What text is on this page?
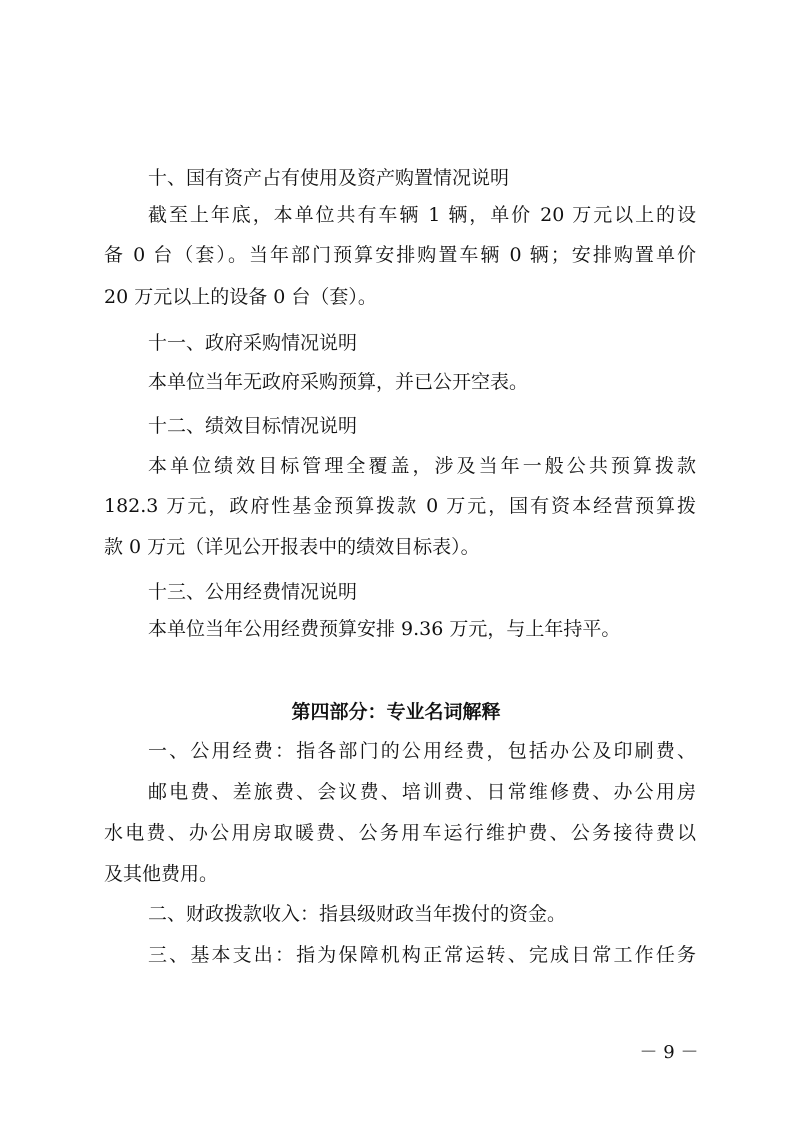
十、国有资产占有使用及资产购置情况说明

截至上年底，本单位共有车辆 1 辆，单价 20 万元以上的设

备 0 台（套）。当年部门预算安排购置车辆 0 辆；安排购置单价

20 万元以上的设备 0 台（套）。

十一、政府采购情况说明

本单位当年无政府采购预算，并已公开空表。

十二、绩效目标情况说明

本单位绩效目标管理全覆盖，涉及当年一般公共预算拨款

182.3 万元，政府性基金预算拨款 0 万元，国有资本经营预算拨

款 0 万元（详见公开报表中的绩效目标表）。

十三、公用经费情况说明

本单位当年公用经费预算安排 9.36 万元，与上年持平。

第四部分：专业名词解释

一、公用经费：指各部门的公用经费，包括办公及印刷费、

邮电费、差旅费、会议费、培训费、日常维修费、办公用房

水电费、办公用房取暖费、公务用车运行维护费、公务接待费以

及其他费用。

二、财政拨款收入：指县级财政当年拨付的资金。

三、基本支出：指为保障机构正常运转、完成日常工作任务

－ 9 －
